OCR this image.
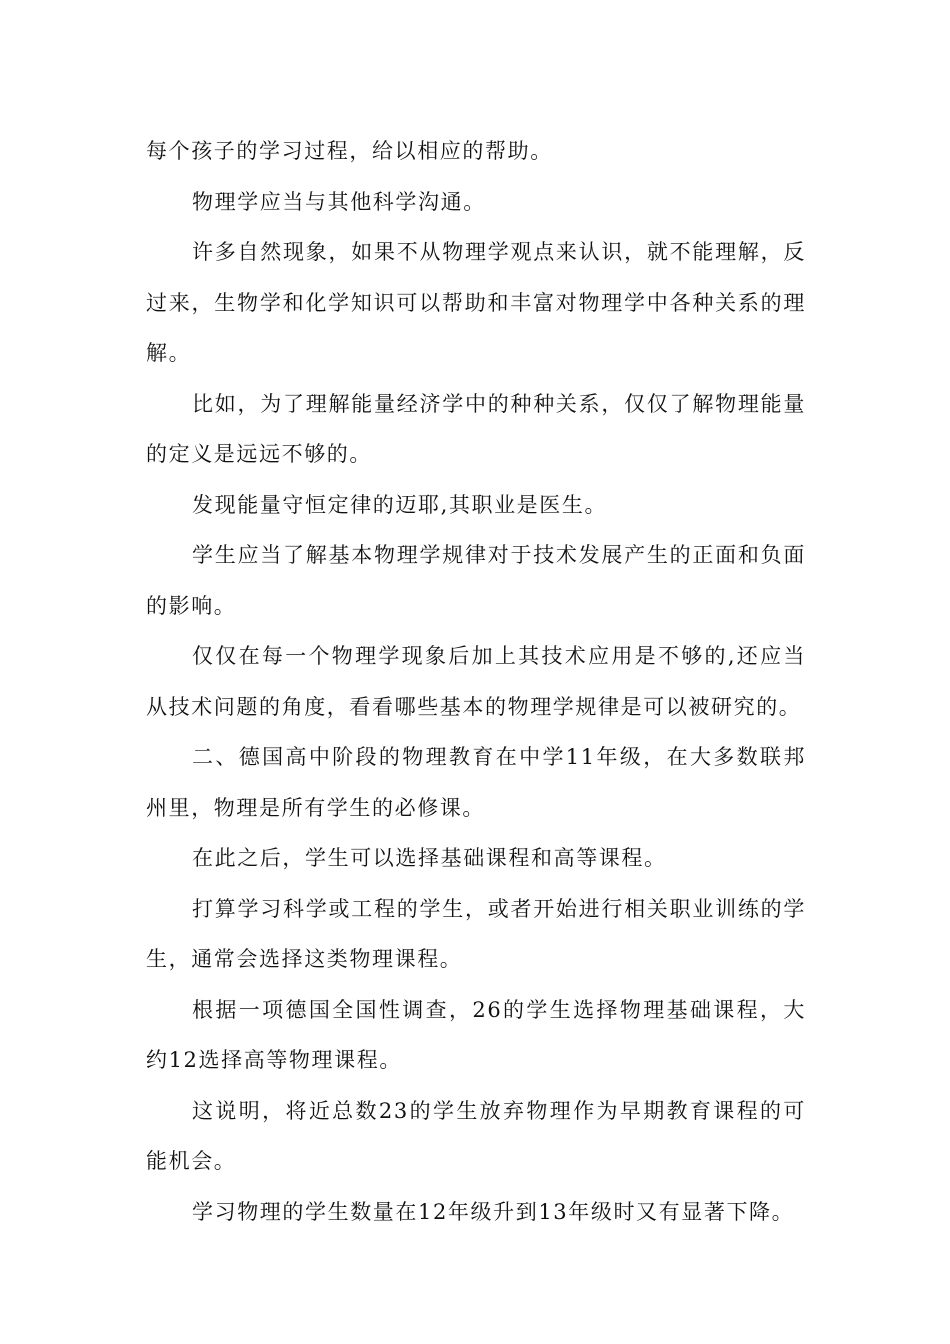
每个孩子的学习过程，给以相应的帮助。

物理学应当与其他科学沟通。

许多自然现象，如果不从物理学观点来认识，就不能理解，反过来，生物学和化学知识可以帮助和丰富对物理学中各种关系的理解。

比如，为了理解能量经济学中的种种关系，仅仅了解物理能量的定义是远远不够的。

发现能量守恒定律的迈耶,其职业是医生。

学生应当了解基本物理学规律对于技术发展产生的正面和负面的影响。

仅仅在每一个物理学现象后加上其技术应用是不够的,还应当从技术问题的角度，看看哪些基本的物理学规律是可以被研究的。

二、德国高中阶段的物理教育在中学11年级，在大多数联邦州里，物理是所有学生的必修课。

在此之后，学生可以选择基础课程和高等课程。

打算学习科学或工程的学生，或者开始进行相关职业训练的学生，通常会选择这类物理课程。

根据一项德国全国性调查，26的学生选择物理基础课程，大约12选择高等物理课程。

这说明，将近总数23的学生放弃物理作为早期教育课程的可能机会。

学习物理的学生数量在12年级升到13年级时又有显著下降。
